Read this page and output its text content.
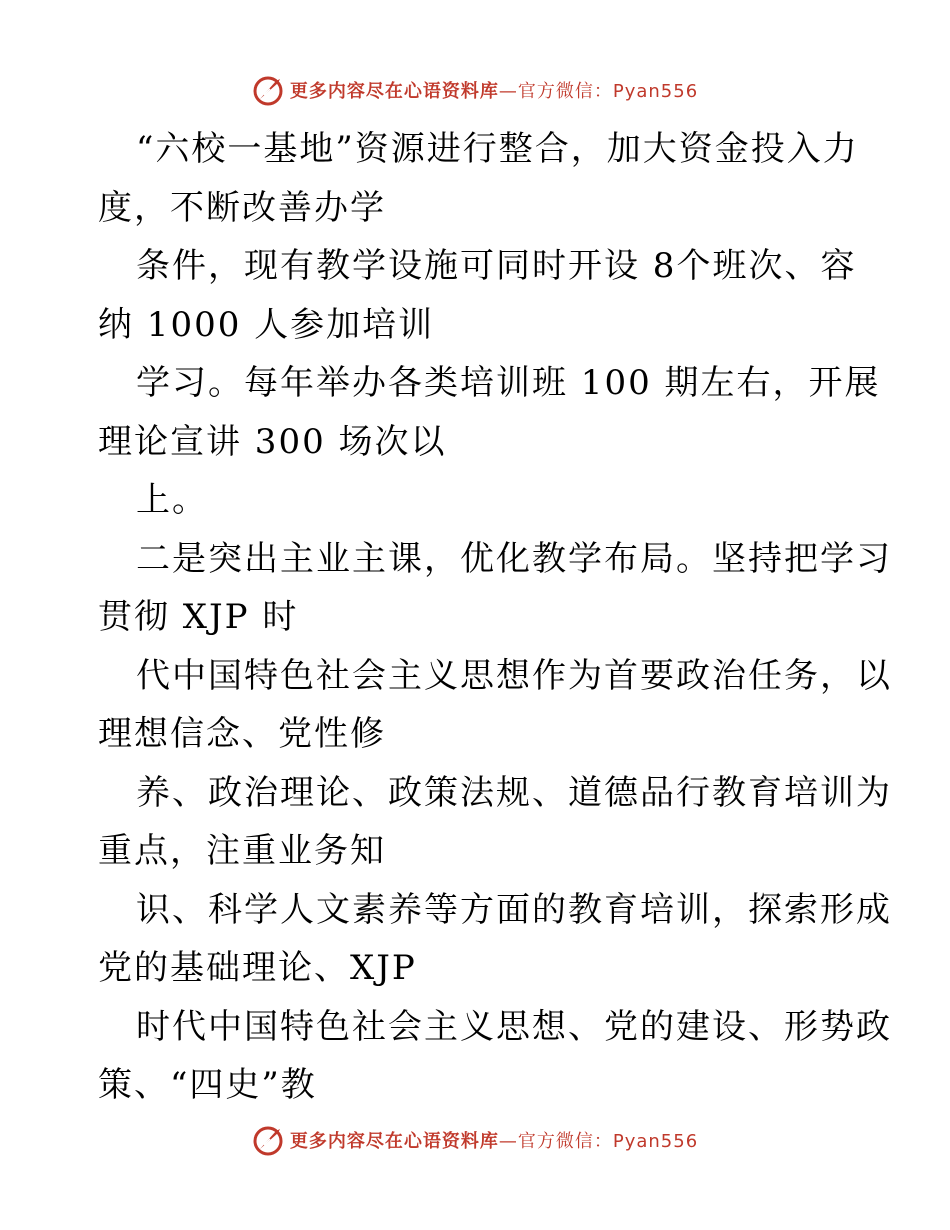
更多内容尽在心语资料库—官方微信：Pyan556
“六校一基地”资源进行整合，加大资金投入力
度，不断改善办学
条件，现有教学设施可同时开设 8个班次、容
纳 1000 人参加培训
学习。每年举办各类培训班 100 期左右，开展
理论宣讲 300 场次以
上。
二是突出主业主课，优化教学布局。坚持把学习
贯彻 XJP 时
代中国特色社会主义思想作为首要政治任务，以
理想信念、党性修
养、政治理论、政策法规、道德品行教育培训为
重点，注重业务知
识、科学人文素养等方面的教育培训，探索形成
党的基础理论、XJP
时代中国特色社会主义思想、党的建设、形势政
策、“四史”教
更多内容尽在心语资料库—官方微信：Pyan556
